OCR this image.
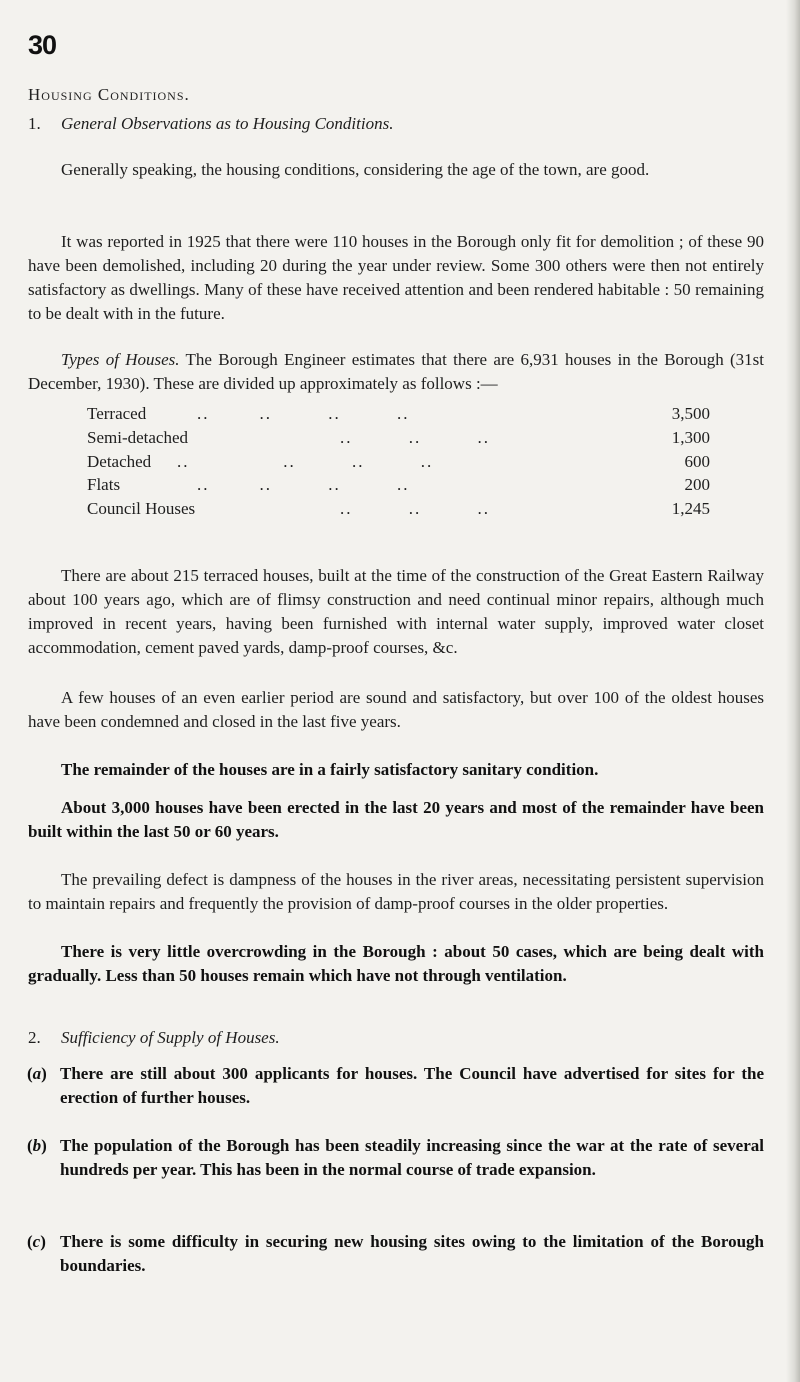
30
Housing Conditions.
1. General Observations as to Housing Conditions.

Generally speaking, the housing conditions, considering the age of the town, are good.

It was reported in 1925 that there were 110 houses in the Borough only fit for demolition ; of these 90 have been demolished, including 20 during the year under review. Some 300 others were then not entirely satisfactory as dwellings. Many of these have received attention and been rendered habitable : 50 remaining to be dealt with in the future.

Types of Houses. The Borough Engineer estimates that there are 6,931 houses in the Borough (31st December, 1930). These are divided up approximately as follows :—

Terraced	..        ..         ..         ..	3,500
Semi-detached	..         ..         ..	1,300
Detached ..               ..         ..         ..	600
Flats	..        ..         ..         ..	200
Council Houses	..         ..         ..	1,245

There are about 215 terraced houses, built at the time of the construction of the Great Eastern Railway about 100 years ago, which are of flimsy construction and need continual minor repairs, although much improved in recent years, having been furnished with internal water supply, improved water closet accommodation, cement paved yards, damp-proof courses, &c.

A few houses of an even earlier period are sound and satisfactory, but over 100 of the oldest houses have been condemned and closed in the last five years.

The remainder of the houses are in a fairly satisfactory sanitary condition.

About 3,000 houses have been erected in the last 20 years and most of the remainder have been built within the last 50 or 60 years.

The prevailing defect is dampness of the houses in the river areas, necessitating persistent supervision to maintain repairs and frequently the provision of damp-proof courses in the older properties.

There is very little overcrowding in the Borough : about 50 cases, which are being dealt with gradually. Less than 50 houses remain which have not through ventilation.

2. Sufficiency of Supply of Houses.
(a) There are still about 300 applicants for houses. The Council have advertised for sites for the erection of further houses.
(b) The population of the Borough has been steadily increasing since the war at the rate of several hundreds per year. This has been in the normal course of trade expansion.
(c) There is some difficulty in securing new housing sites owing to the limitation of the Borough boundaries.
